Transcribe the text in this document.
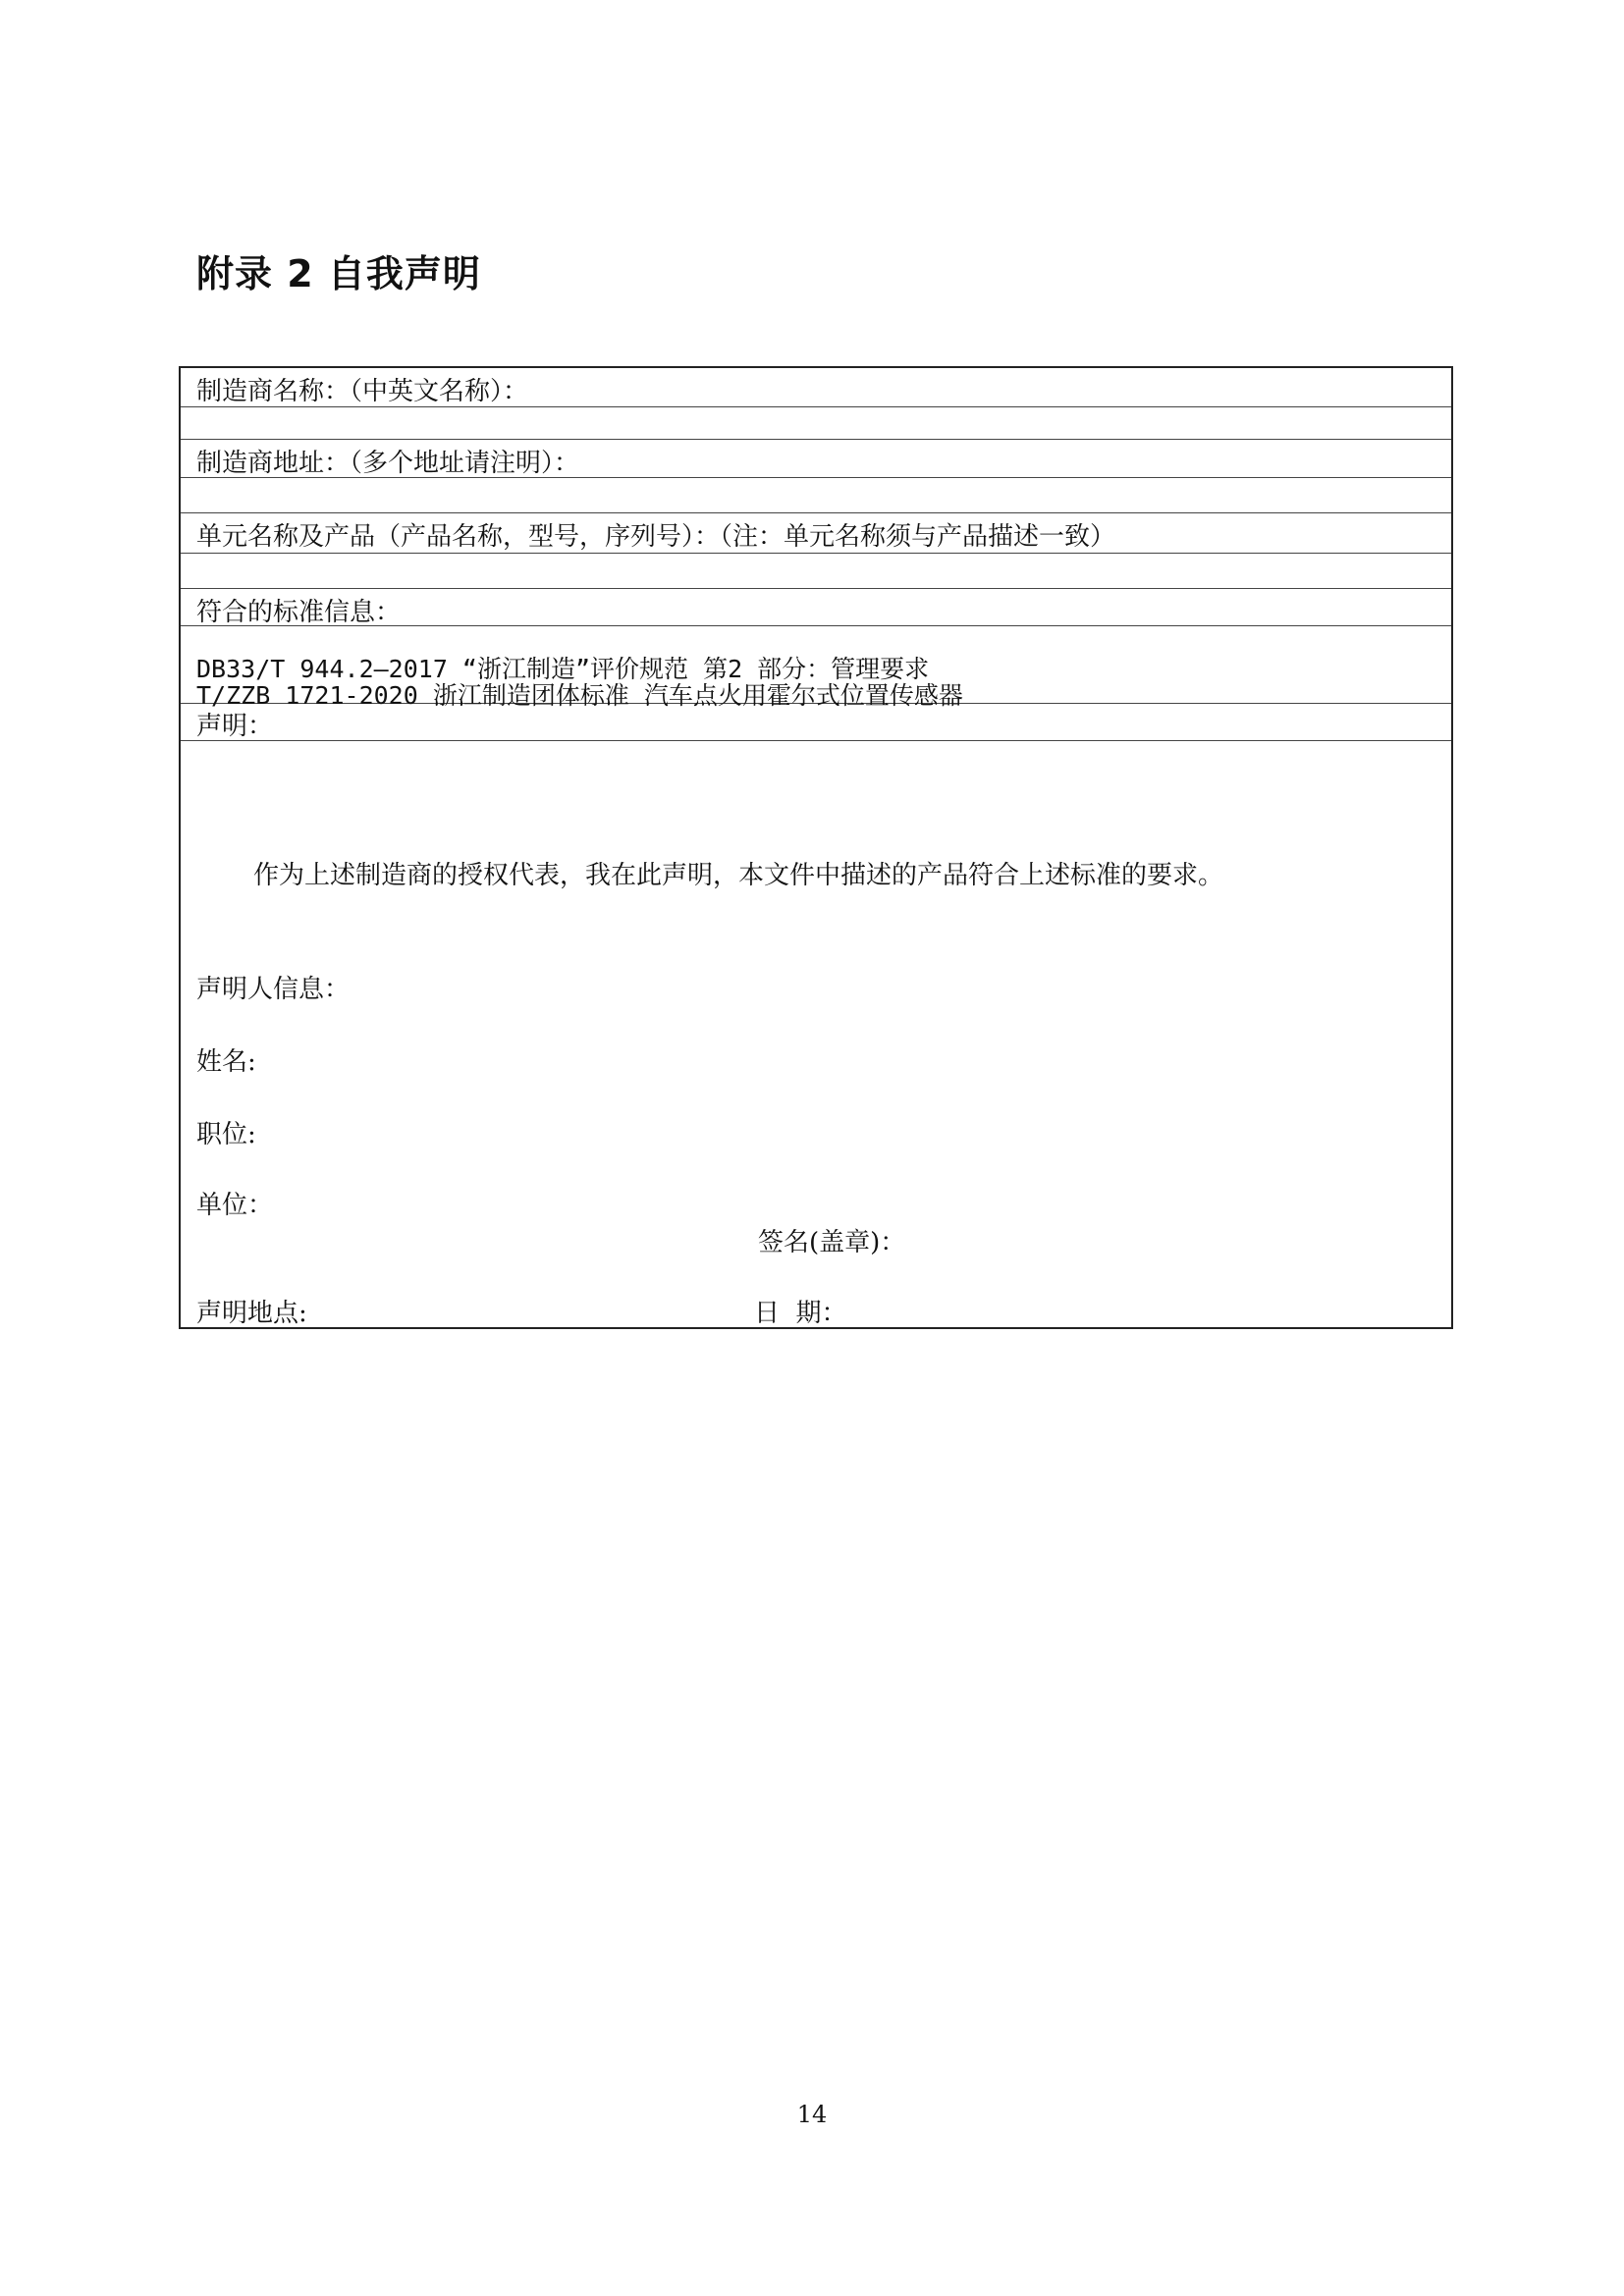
附录 2 自我声明
制造商名称：（中英文名称）：
制造商地址：（多个地址请注明）：
单元名称及产品（产品名称，型号，序列号）：（注：单元名称须与产品描述一致）
符合的标准信息：
DB33/T 944.2—2017 “浙江制造”评价规范 第2 部分：管理要求
T/ZZB 1721-2020 浙江制造团体标准 汽车点火用霍尔式位置传感器
声明：
作为上述制造商的授权代表，我在此声明，本文件中描述的产品符合上述标准的要求。
声明人信息：
姓名:
职位:
单位：
签名(盖章)：
声明地点:	日  期：
14
